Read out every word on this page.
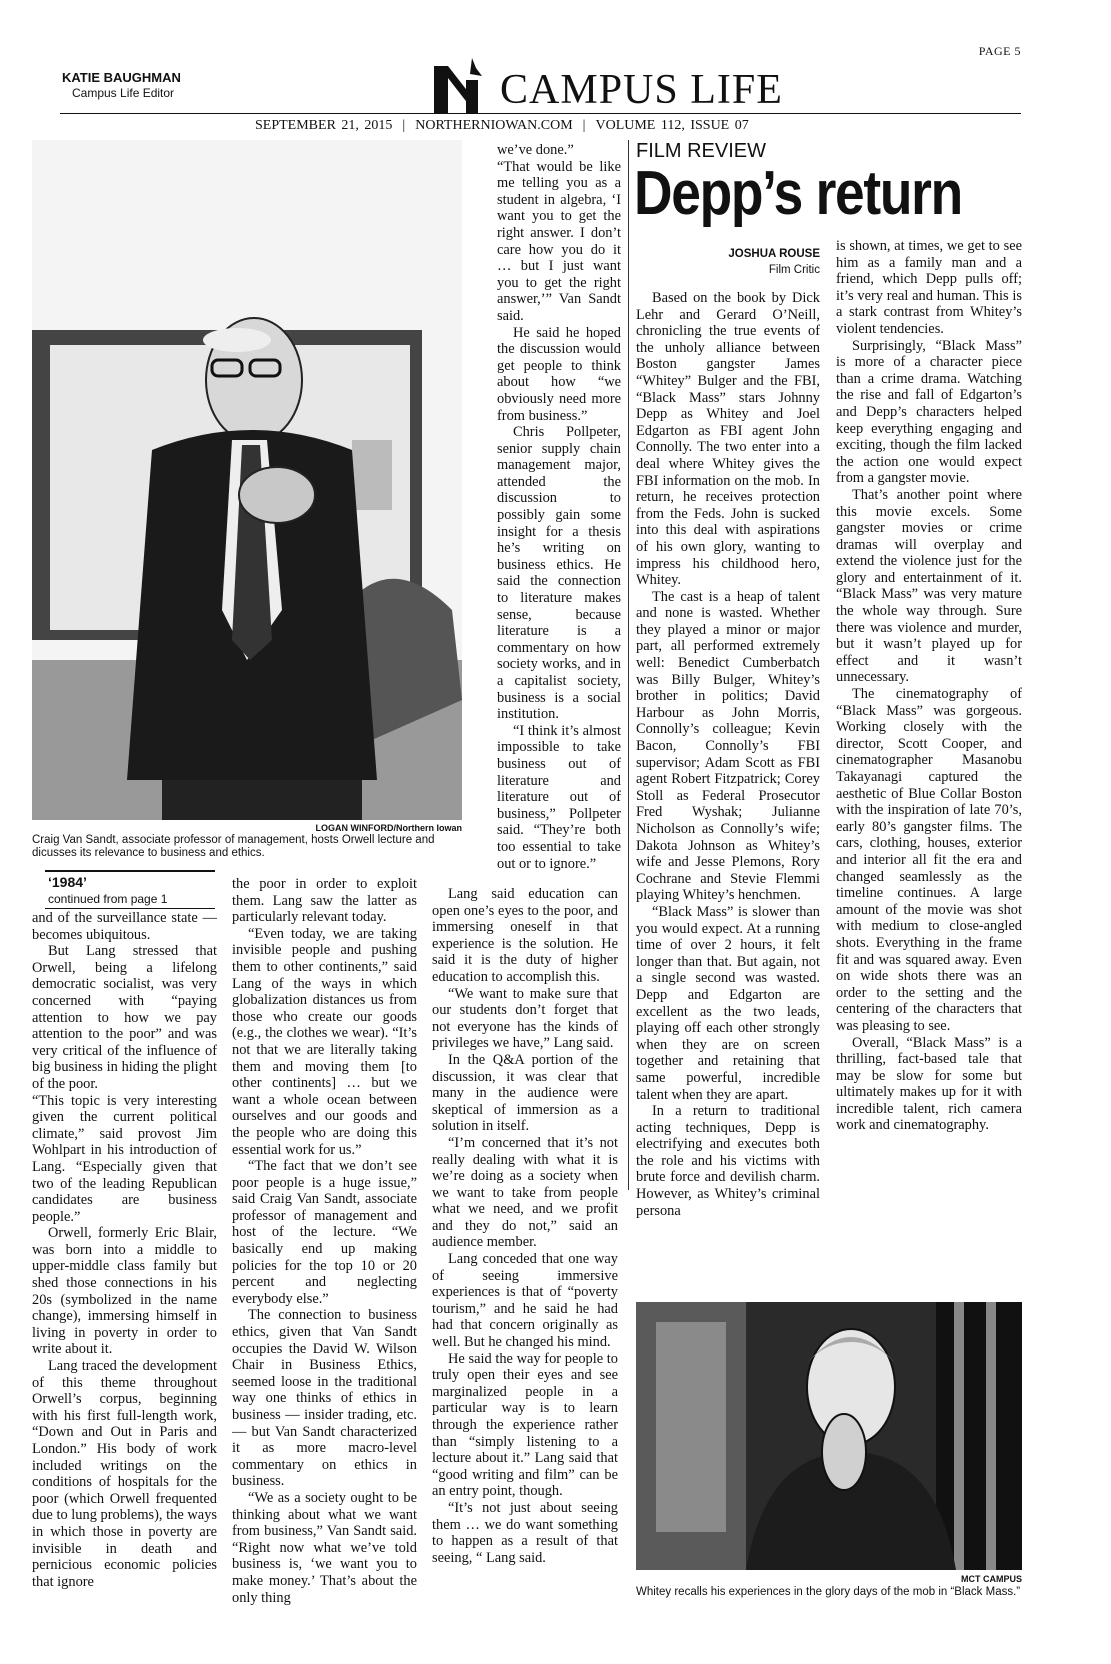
PAGE 5
KATIE BAUGHMAN
Campus Life Editor	CAMPUS LIFE
SEPTEMBER 21, 2015 | NORTHERNIOWAN.COM | VOLUME 112, ISSUE 07
LOGAN WINFORD/Northern Iowan
Craig Van Sandt, associate professor of management, hosts Orwell lecture and dicusses its relevance to business and ethics.
‘1984’
continued from page 1

and of the surveillance state — becomes ubiquitous.

But Lang stressed that Orwell, being a lifelong democratic socialist, was very concerned with “paying attention to how we pay attention to the poor” and was very critical of the influence of big business in hiding the plight of the poor.

“This topic is very interesting given the current political climate,” said provost Jim Wohlpart in his introduction of Lang. “Especially given that two of the leading Republican candidates are business people.”

Orwell, formerly Eric Blair, was born into a middle to upper-middle class family but shed those connections in his 20s (symbolized in the name change), immersing himself in living in poverty in order to write about it.

Lang traced the development of this theme throughout Orwell’s corpus, beginning with his first full-length work, “Down and Out in Paris and London.” His body of work included writings on the conditions of hospitals for the poor (which Orwell frequented due to lung problems), the ways in which those in poverty are invisible in death and pernicious economic policies that ignore

the poor in order to exploit them. Lang saw the latter as particularly relevant today.

“Even today, we are taking invisible people and pushing them to other continents,” said Lang of the ways in which globalization distances us from those who create our goods (e.g., the clothes we wear). “It’s not that we are literally taking them and moving them [to other continents] … but we want a whole ocean between ourselves and our goods and the people who are doing this essential work for us.”

“The fact that we don’t see poor people is a huge issue,” said Craig Van Sandt, associate professor of management and host of the lecture. “We basically end up making policies for the top 10 or 20 percent and neglecting everybody else.”

The connection to business ethics, given that Van Sandt occupies the David W. Wilson Chair in Business Ethics, seemed loose in the traditional way one thinks of ethics in business — insider trading, etc. — but Van Sandt characterized it as more macro-level commentary on ethics in business.

“We as a society ought to be thinking about what we want from business,” Van Sandt said. “Right now what we’ve told business is, ‘we want you to make money.’ That’s about the only thing

we’ve done.”

“That would be like me telling you as a student in algebra, ‘I want you to get the right answer. I don’t care how you do it … but I just want you to get the right answer,’” Van Sandt said.

He said he hoped the discussion would get people to think about how “we obviously need more from business.”

Chris Pollpeter, senior supply chain management major, attended the discussion to possibly gain some insight for a thesis he’s writing on business ethics. He said the connection to literature makes sense, because literature is a commentary on how society works, and in a capitalist society, business is a social institution.

“I think it’s almost impossible to take business out of literature and literature out of business,” Pollpeter said. “They’re both too essential to take out or to ignore.”

Lang said education can open one’s eyes to the poor, and immersing oneself in that experience is the solution. He said it is the duty of higher education to accomplish this.

“We want to make sure that our students don’t forget that not everyone has the kinds of privileges we have,” Lang said.

In the Q&A portion of the discussion, it was clear that many in the audience were skeptical of immersion as a solution in itself.

“I’m concerned that it’s not really dealing with what it is we’re doing as a society when we want to take from people what we need, and we profit and they do not,” said an audience member.

Lang conceded that one way of seeing immersive experiences is that of “poverty tourism,” and he said he had had that concern originally as well. But he changed his mind.

He said the way for people to truly open their eyes and see marginalized people in a particular way is to learn through the experience rather than “simply listening to a lecture about it.” Lang said that “good writing and film” can be an entry point, though.

“It’s not just about seeing them … we do want something to happen as a result of that seeing, “ Lang said.

FILM REVIEW
Depp’s return
JOSHUA ROUSE
Film Critic

Based on the book by Dick Lehr and Gerard O’Neill, chronicling the true events of the unholy alliance between Boston gangster James “Whitey” Bulger and the FBI, “Black Mass” stars Johnny Depp as Whitey and Joel Edgarton as FBI agent John Connolly. The two enter into a deal where Whitey gives the FBI information on the mob. In return, he receives protection from the Feds. John is sucked into this deal with aspirations of his own glory, wanting to impress his childhood hero, Whitey.

The cast is a heap of talent and none is wasted. Whether they played a minor or major part, all performed extremely well: Benedict Cumberbatch was Billy Bulger, Whitey’s brother in politics; David Harbour as John Morris, Connolly’s colleague; Kevin Bacon, Connolly’s FBI supervisor; Adam Scott as FBI agent Robert Fitzpatrick; Corey Stoll as Federal Prosecutor Fred Wyshak; Julianne Nicholson as Connolly’s wife; Dakota Johnson as Whitey’s wife and Jesse Plemons, Rory Cochrane and Stevie Flemmi playing Whitey’s henchmen.

“Black Mass” is slower than you would expect. At a running time of over 2 hours, it felt longer than that. But again, not a single second was wasted. Depp and Edgarton are excellent as the two leads, playing off each other strongly when they are on screen together and retaining that same powerful, incredible talent when they are apart.

In a return to traditional acting techniques, Depp is electrifying and executes both the role and his victims with brute force and devilish charm. However, as Whitey’s criminal persona

is shown, at times, we get to see him as a family man and a friend, which Depp pulls off; it’s very real and human. This is a stark contrast from Whitey’s violent tendencies.

Surprisingly, “Black Mass” is more of a character piece than a crime drama. Watching the rise and fall of Edgarton’s and Depp’s characters helped keep everything engaging and exciting, though the film lacked the action one would expect from a gangster movie.

That’s another point where this movie excels. Some gangster movies or crime dramas will overplay and extend the violence just for the glory and entertainment of it. “Black Mass” was very mature the whole way through. Sure there was violence and murder, but it wasn’t played up for effect and it wasn’t unnecessary.

The cinematography of “Black Mass” was gorgeous. Working closely with the director, Scott Cooper, and cinematographer Masanobu Takayanagi captured the aesthetic of Blue Collar Boston with the inspiration of late 70’s, early 80’s gangster films. The cars, clothing, houses, exterior and interior all fit the era and changed seamlessly as the timeline continues. A large amount of the movie was shot with medium to close-angled shots. Everything in the frame fit and was squared away. Even on wide shots there was an order to the setting and the centering of the characters that was pleasing to see.

Overall, “Black Mass” is a thrilling, fact-based tale that may be slow for some but ultimately makes up for it with incredible talent, rich camera work and cinematography.

MCT CAMPUS
Whitey recalls his experiences in the glory days of the mob in “Black Mass.”
